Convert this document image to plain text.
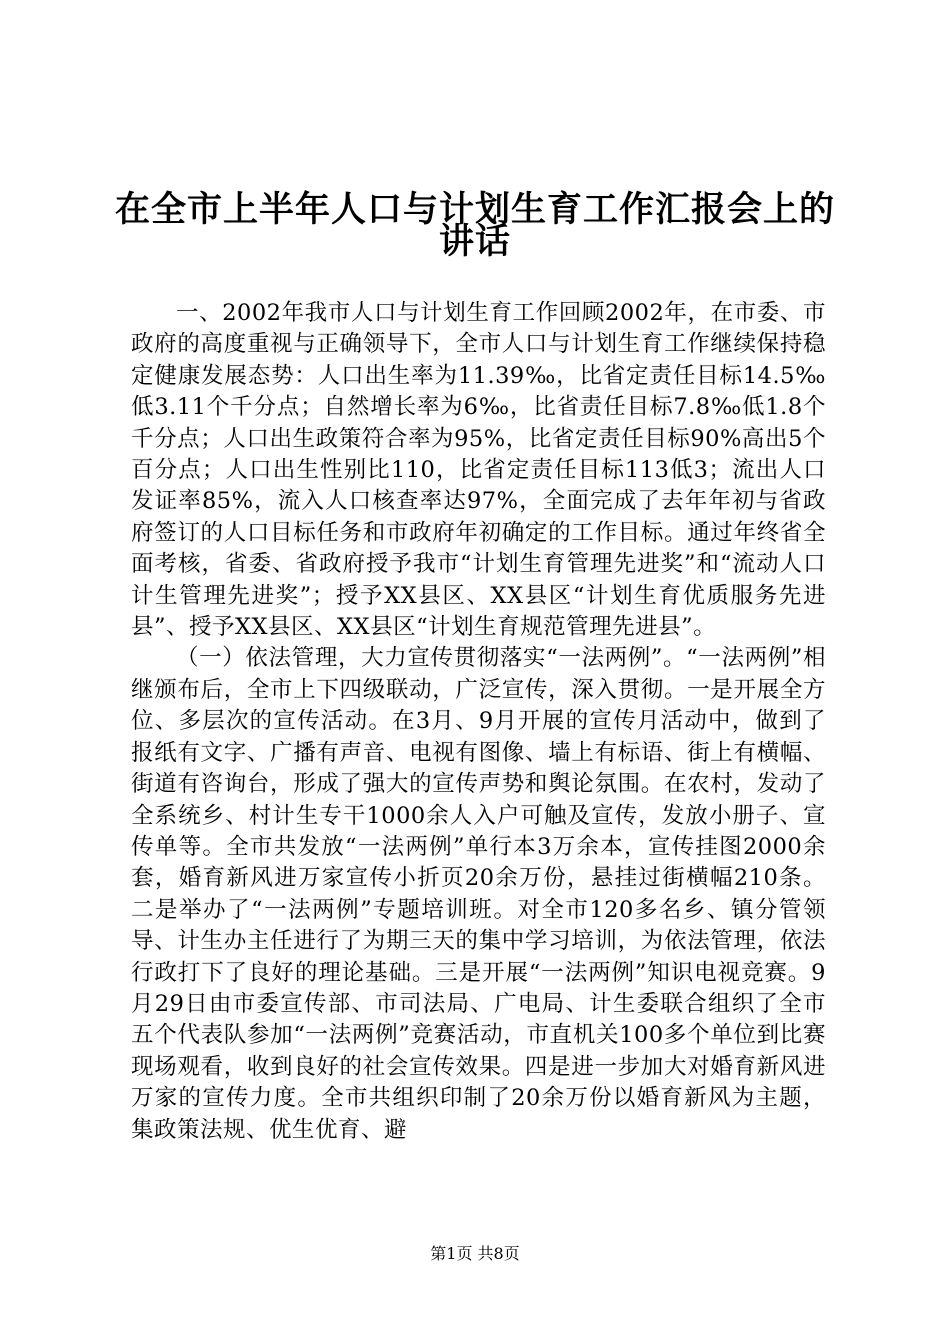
在全市上半年人口与计划生育工作汇报会上的
讲话

一、2002年我市人口与计划生育工作回顾2002年，在市委、市政府的高度重视与正确领导下，全市人口与计划生育工作继续保持稳定健康发展态势：人口出生率为11.39‰，比省定责任目标14.5‰低3.11个千分点；自然增长率为6‰，比省责任目标7.8‰低1.8个千分点；人口出生政策符合率为95%，比省定责任目标90%高出5个百分点；人口出生性别比110，比省定责任目标113低3；流出人口发证率85%，流入人口核查率达97%，全面完成了去年年初与省政府签订的人口目标任务和市政府年初确定的工作目标。通过年终省全面考核，省委、省政府授予我市“计划生育管理先进奖”和“流动人口计生管理先进奖”；授予XX县区、XX县区“计划生育优质服务先进县”、授予XX县区、XX县区“计划生育规范管理先进县”。

（一）依法管理，大力宣传贯彻落实“一法两例”。“一法两例”相继颁布后，全市上下四级联动，广泛宣传，深入贯彻。一是开展全方位、多层次的宣传活动。在3月、9月开展的宣传月活动中，做到了报纸有文字、广播有声音、电视有图像、墙上有标语、街上有横幅、街道有咨询台，形成了强大的宣传声势和舆论氛围。在农村，发动了全系统乡、村计生专干1000余人入户可触及宣传，发放小册子、宣传单等。全市共发放“一法两例”单行本3万余本，宣传挂图2000余套，婚育新风进万家宣传小折页20余万份，悬挂过街横幅210条。二是举办了“一法两例”专题培训班。对全市120多名乡、镇分管领导、计生办主任进行了为期三天的集中学习培训，为依法管理，依法行政打下了良好的理论基础。三是开展“一法两例”知识电视竞赛。9月29日由市委宣传部、市司法局、广电局、计生委联合组织了全市五个代表队参加“一法两例”竞赛活动，市直机关100多个单位到比赛现场观看，收到良好的社会宣传效果。四是进一步加大对婚育新风进万家的宣传力度。全市共组织印制了20余万份以婚育新风为主题，集政策法规、优生优育、避

第1页 共8页
